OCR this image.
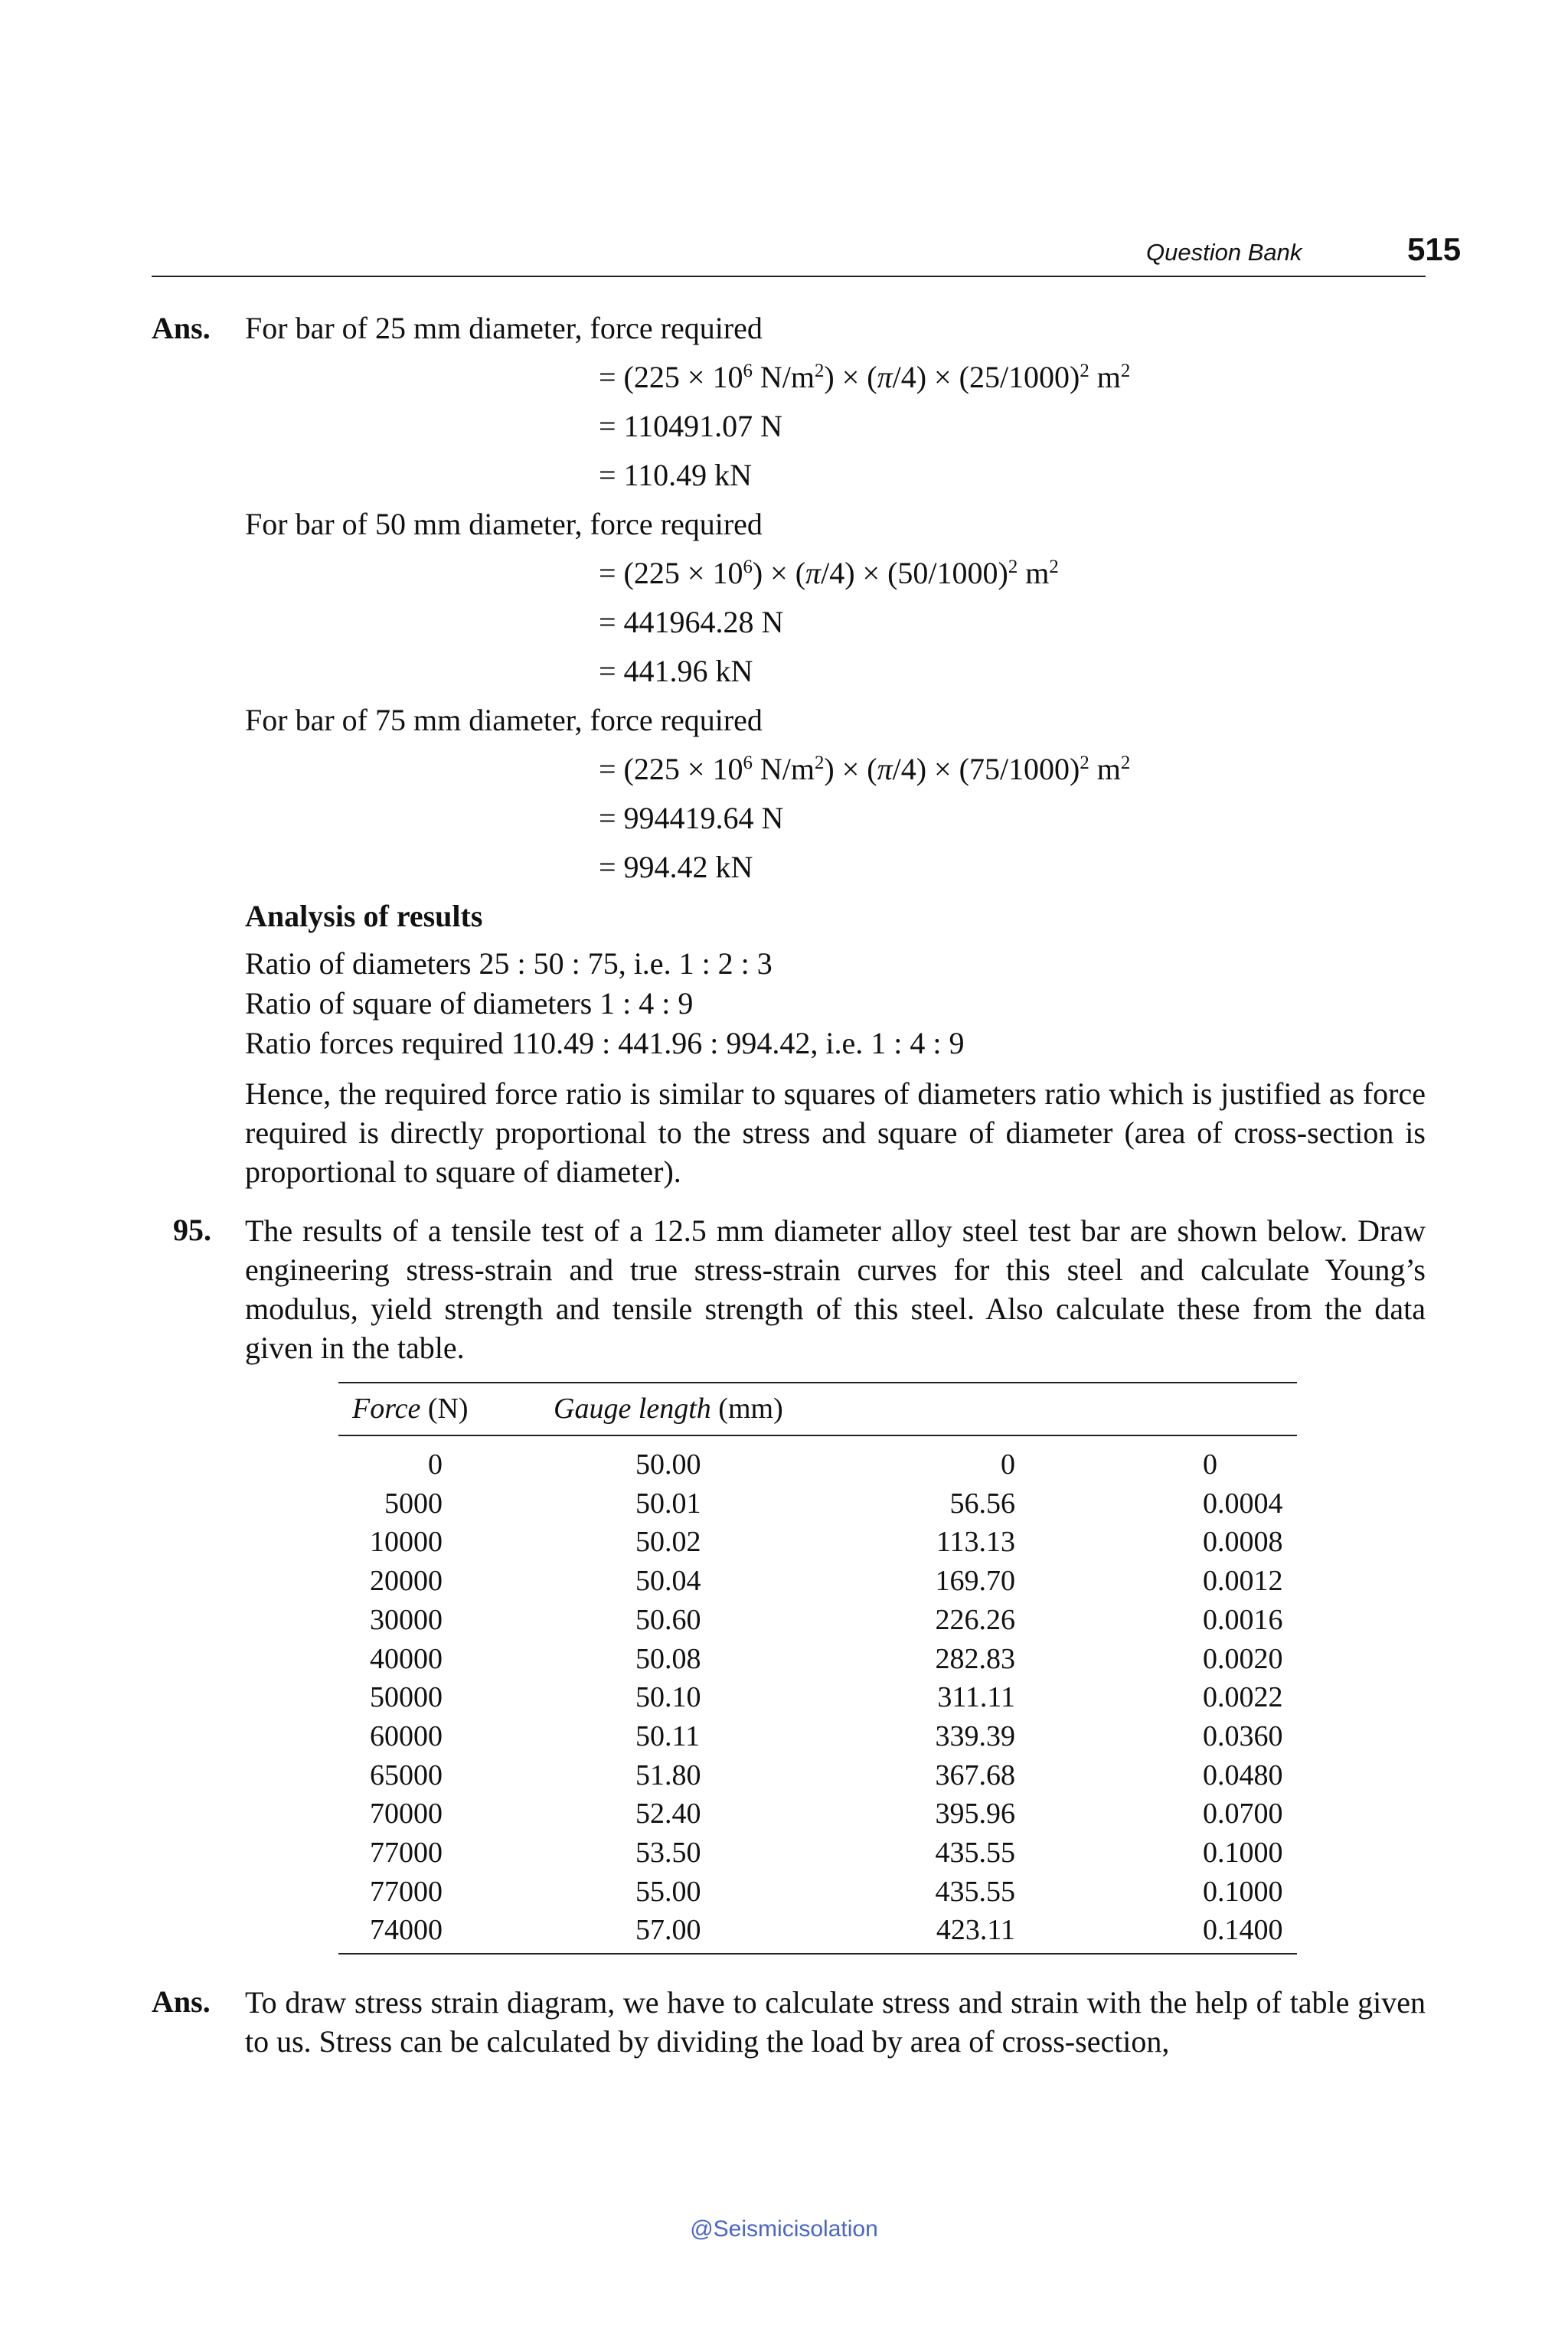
Question Bank	515
Ans. For bar of 25 mm diameter, force required
= ($225 \times 10^6$ $N/m^2) \times (\pi/4) \times (25/1000)^2$ $m^2$
= 110491.07 N
= 110.49 kN
For bar of 50 mm diameter, force required
= $(225 \times 10^6) \times (\pi/4) \times (50/1000)^2$ $m^2$
= 441964.28 N
= 441.96 kN
For bar of 75 mm diameter, force required
= ($225 \times 10^6$ $N/m^2) \times (\pi/4) \times (75/1000)^2$ $m^2$
= 994419.64 N
= 994.42 kN
Analysis of results
Ratio of diameters 25 : 50 : 75, i.e. 1 : 2 : 3
Ratio of square of diameters 1 : 4 : 9
Ratio forces required 110.49 : 441.96 : 994.42, i.e. 1 : 4 : 9
Hence, the required force ratio is similar to squares of diameters ratio which is justified as force required is directly proportional to the stress and square of diameter (area of cross-section is proportional to square of diameter).
95. The results of a tensile test of a 12.5 mm diameter alloy steel test bar are shown below. Draw engineering stress-strain and true stress-strain curves for this steel and calculate Young’s modulus, yield strength and tensile strength of this steel. Also calculate these from the data given in the table.
Force (N)	Gauge length (mm)
0	50.00	0	0
5000	50.01	56.56	0.0004
10000	50.02	113.13	0.0008
20000	50.04	169.70	0.0012
30000	50.60	226.26	0.0016
40000	50.08	282.83	0.0020
50000	50.10	311.11	0.0022
60000	50.11	339.39	0.0360
65000	51.80	367.68	0.0480
70000	52.40	395.96	0.0700
77000	53.50	435.55	0.1000
77000	55.00	435.55	0.1000
74000	57.00	423.11	0.1400
Ans. To draw stress strain diagram, we have to calculate stress and strain with the help of table given to us. Stress can be calculated by dividing the load by area of cross-section,
@Seismicisolation
